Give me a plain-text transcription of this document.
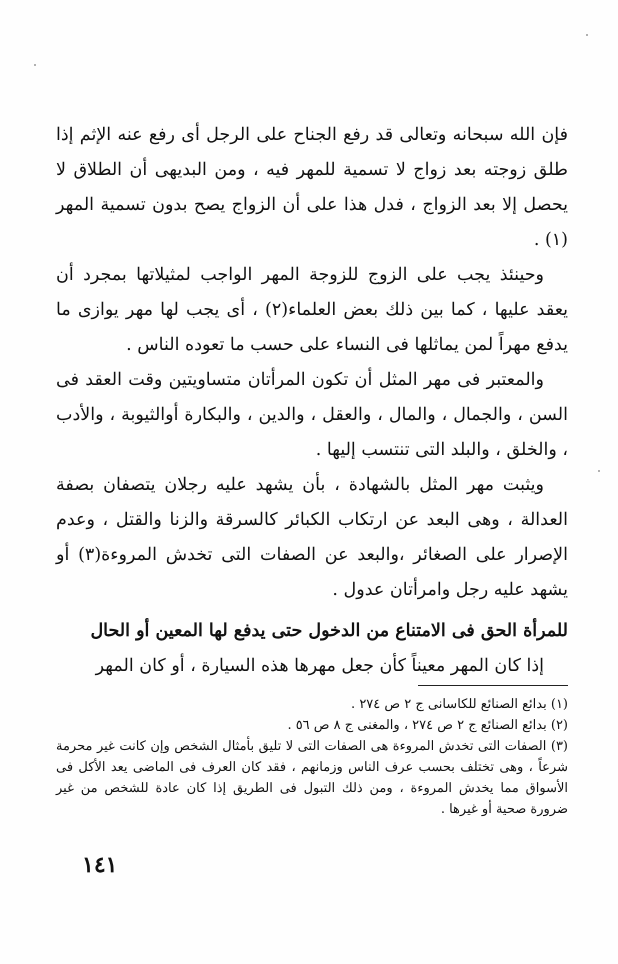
فإن الله سبحانه وتعالى قد رفع الجناح على الرجل أى رفع عنه الإثم إذا طلق زوجته بعد زواج لا تسمية للمهر فيه ، ومن البديهى أن الطلاق لا يحصل إلا بعد الزواج ، فدل هذا على أن الزواج يصح بدون تسمية المهر (١) .

وحينئذ يجب على الزوج للزوجة المهر الواجب لمثيلاتها بمجرد أن يعقد عليها ، كما بين ذلك بعض العلماء(٢) ، أى يجب لها مهر يوازى ما يدفع مهراً لمن يماثلها فى النساء على حسب ما تعوده الناس .

والمعتبر فى مهر المثل أن تكون المرأتان متساويتين وقت العقد فى السن ، والجمال ، والمال ، والعقل ، والدين ، والبكارة أوالثيوبة ، والأدب ، والخلق ، والبلد التى تنتسب إليها .

ويثبت مهر المثل بالشهادة ، بأن يشهد عليه رجلان يتصفان بصفة العدالة ، وهى البعد عن ارتكاب الكبائر كالسرقة والزنا والقتل ، وعدم الإصرار على الصغائر ،والبعد عن الصفات التى تخدش المروءة(٣) أو يشهد عليه رجل وامرأتان عدول .

للمرأة الحق فى الامتناع من الدخول حتى يدفع لها المعين أو الحال

إذا كان المهر معيناً كأن جعل مهرها هذه السيارة ، أو كان المهر

(١) بدائع الصنائع للكاسانى ج ٢ ص ٢٧٤ .

(٢) بدائع الصنائع ج ٢ ص ٢٧٤ ، والمغنى ج ٨ ص ٥٦ .

(٣) الصفات التى تخدش المروءة هى الصفات التى لا تليق بأمثال الشخص وإن كانت غير محرمة شرعاً ، وهى تختلف بحسب عرف الناس وزمانهم ، فقد كان العرف فى الماضى يعد الأكل فى الأسواق مما يخدش المروءة ، ومن ذلك التبول فى الطريق إذا كان عادة للشخص من غير ضرورة صحية أو غيرها .

١٤١
